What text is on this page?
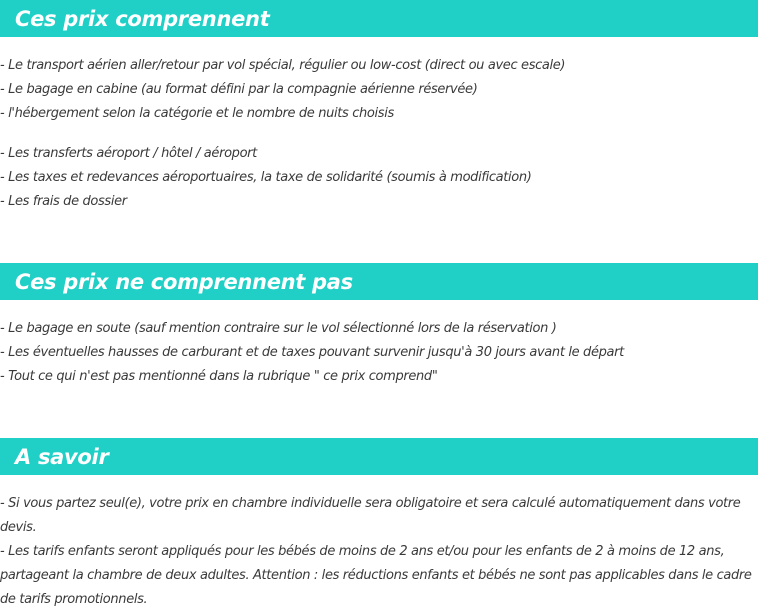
Ces prix comprennent
- Le transport aérien aller/retour par vol spécial, régulier ou low-cost (direct ou avec escale)
- Le bagage en cabine (au format défini par la compagnie aérienne réservée)
- l'hébergement selon la catégorie et le nombre de nuits choisis
- Les transferts aéroport / hôtel / aéroport
- Les taxes et redevances aéroportuaires, la taxe de solidarité (soumis à modification)
- Les frais de dossier
Ces prix ne comprennent pas
- Le bagage en soute (sauf mention contraire sur le vol sélectionné lors de la réservation )
- Les éventuelles hausses de carburant et de taxes pouvant survenir jusqu'à 30 jours avant le départ
- Tout ce qui n'est pas mentionné dans la rubrique " ce prix comprend"
A savoir
- Si vous partez seul(e), votre prix en chambre individuelle sera obligatoire et sera calculé automatiquement dans votre devis.
- Les tarifs enfants seront appliqués pour les bébés de moins de 2 ans et/ou pour les enfants de 2 à moins de 12 ans, partageant la chambre de deux adultes. Attention : les réductions enfants et bébés ne sont pas applicables dans le cadre de tarifs promotionnels.
